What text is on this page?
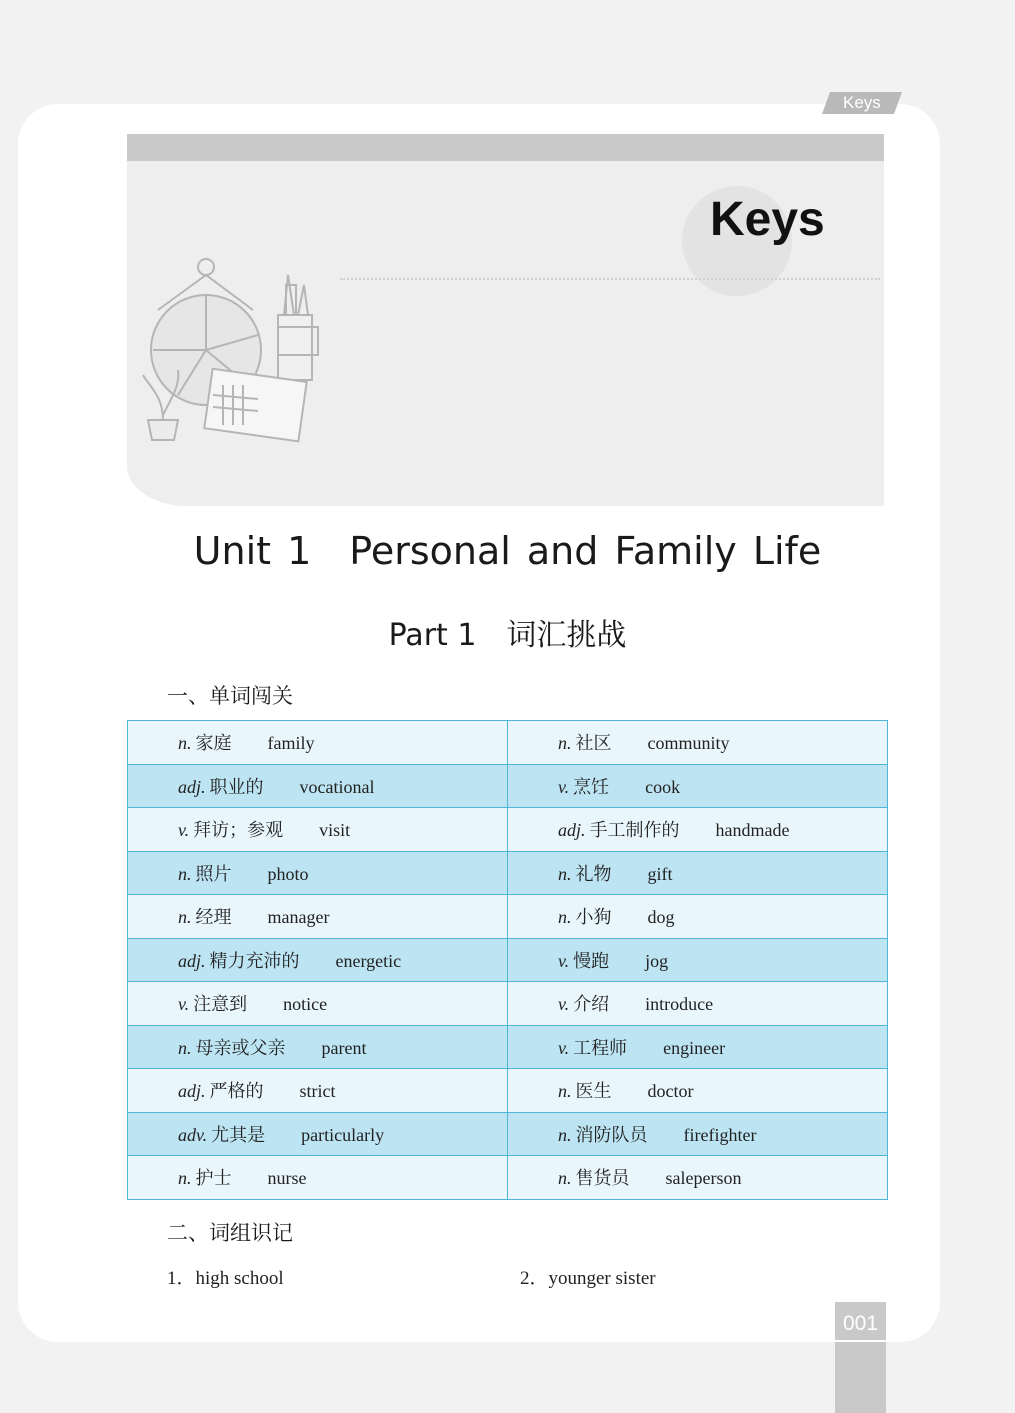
Keys
Keys
Unit 1　Personal and Family Life
Part 1　词汇挑战
一、单词闯关
n. 家庭 family	n. 社区 community
adj. 职业的 vocational	v. 烹饪 cook
v. 拜访；参观 visit	adj. 手工制作的 handmade
n. 照片 photo	n. 礼物 gift
n. 经理 manager	n. 小狗 dog
adj. 精力充沛的 energetic	v. 慢跑 jog
v. 注意到 notice	v. 介绍 introduce
n. 母亲或父亲 parent	v. 工程师 engineer
adj. 严格的 strict	n. 医生 doctor
adv. 尤其是 particularly	n. 消防队员 firefighter
n. 护士 nurse	n. 售货员 saleperson
二、词组识记
1．high school	2．younger sister
001
